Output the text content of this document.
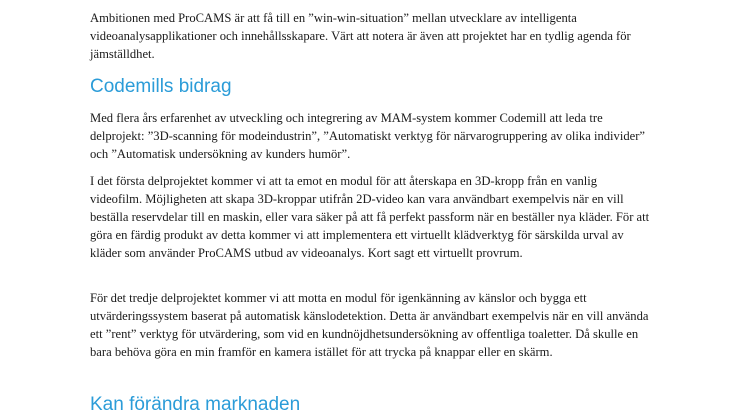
Ambitionen med ProCAMS är att få till en ”win-win-situation” mellan utvecklare av intelligenta videoanalysapplikationer och innehållsskapare. Värt att notera är även att projektet har en tydlig agenda för jämställdhet.

Codemills bidrag

Med flera års erfarenhet av utveckling och integrering av MAM-system kommer Codemill att leda tre delprojekt: ”3D-scanning för modeindustrin”, ”Automatiskt verktyg för närvarogruppering av olika individer” och ”Automatisk undersökning av kunders humör”.

I det första delprojektet kommer vi att ta emot en modul för att återskapa en 3D-kropp från en vanlig videofilm. Möjligheten att skapa 3D-kroppar utifrån 2D-video kan vara användbart exempelvis när en vill beställa reservdelar till en maskin, eller vara säker på att få perfekt passform när en beställer nya kläder. För att göra en färdig produkt av detta kommer vi att implementera ett virtuellt klädverktyg för särskilda urval av kläder som använder ProCAMS utbud av videoanalys. Kort sagt ett virtuellt provrum.

För det tredje delprojektet kommer vi att motta en modul för igenkänning av känslor och bygga ett utvärderingssystem baserat på automatisk känslodetektion. Detta är användbart exempelvis när en vill använda ett ”rent” verktyg för utvärdering, som vid en kundnöjdhetsundersökning av offentliga toaletter. Då skulle en bara behöva göra en min framför en kamera istället för att trycka på knappar eller en skärm.

Kan förändra marknaden
